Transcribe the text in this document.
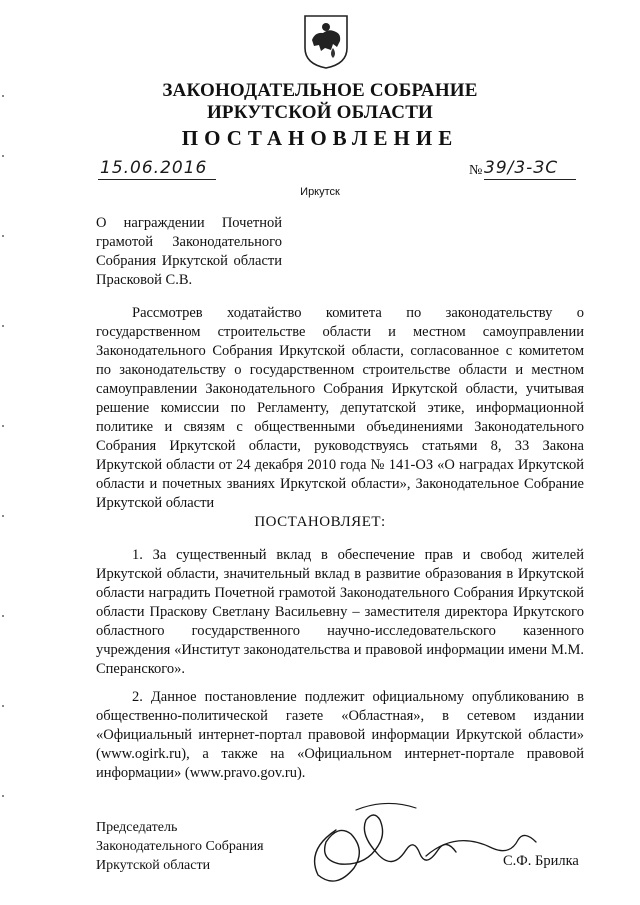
ЗАКОНОДАТЕЛЬНОЕ СОБРАНИЕ
ИРКУТСКОЙ ОБЛАСТИ
ПОСТАНОВЛЕНИЕ
15.06.2016	№ 39/3-ЗС
Иркутск
О награждении Почетной грамотой Законодательного Собрания Иркутской области Прасковой С.В.
Рассмотрев ходатайство комитета по законодательству о государственном строительстве области и местном самоуправлении Законодательного Собрания Иркутской области, согласованное с комитетом по законодательству о государственном строительстве области и местном самоуправлении Законодательного Собрания Иркутской области, учитывая решение комиссии по Регламенту, депутатской этике, информационной политике и связям с общественными объединениями Законодательного Собрания Иркутской области, руководствуясь статьями 8, 33 Закона Иркутской области от 24 декабря 2010 года № 141-ОЗ «О наградах Иркутской области и почетных званиях Иркутской области», Законодательное Собрание Иркутской области
ПОСТАНОВЛЯЕТ:
1. За существенный вклад в обеспечение прав и свобод жителей Иркутской области, значительный вклад в развитие образования в Иркутской области наградить Почетной грамотой Законодательного Собрания Иркутской области Праскову Светлану Васильевну – заместителя директора Иркутского областного государственного научно-исследовательского казенного учреждения «Институт законодательства и правовой информации имени М.М. Сперанского».
2. Данное постановление подлежит официальному опубликованию в общественно-политической газете «Областная», в сетевом издании «Официальный интернет-портал правовой информации Иркутской области» (www.ogirk.ru), а также на «Официальном интернет-портале правовой информации» (www.pravo.gov.ru).
Председатель
Законодательного Собрания
Иркутской области	С.Ф. Брилка
